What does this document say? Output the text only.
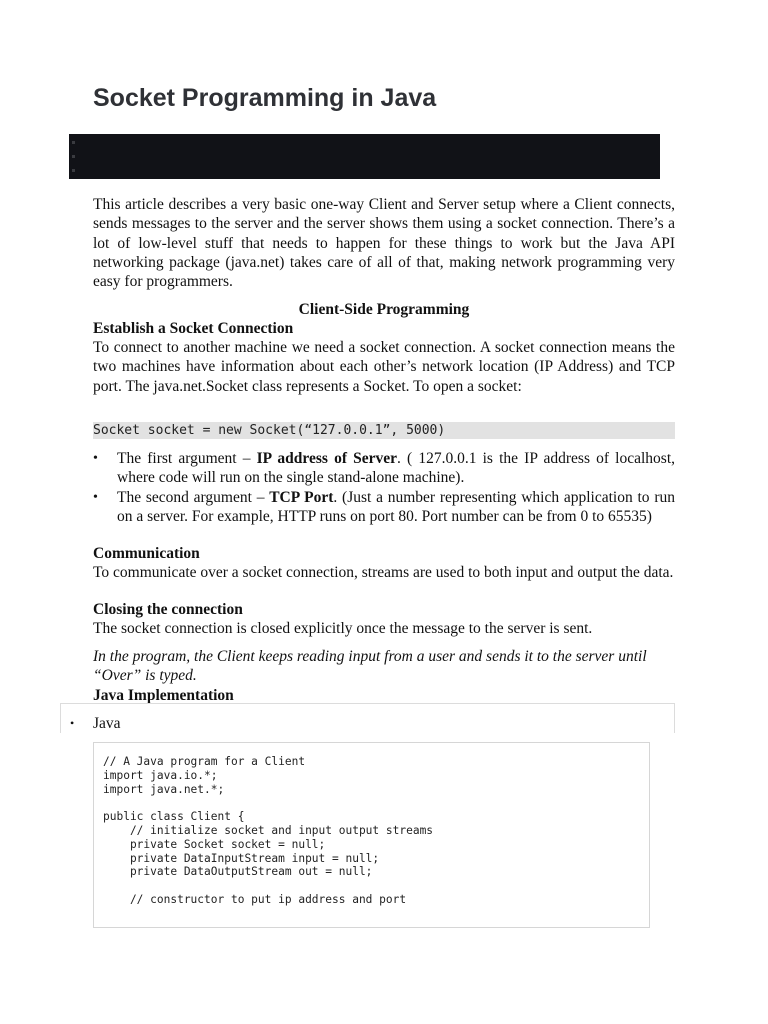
Socket Programming in Java

This article describes a very basic one-way Client and Server setup where a Client connects, sends messages to the server and the server shows them using a socket connection. There’s a lot of low-level stuff that needs to happen for these things to work but the Java API networking package (java.net) takes care of all of that, making network programming very easy for programmers.

Client-Side Programming

Establish a Socket Connection

To connect to another machine we need a socket connection. A socket connection means the two machines have information about each other’s network location (IP Address) and TCP port. The java.net.Socket class represents a Socket. To open a socket:

Socket socket = new Socket(“127.0.0.1”, 5000)
• The first argument – IP address of Server. ( 127.0.0.1 is the IP address of localhost, where code will run on the single stand-alone machine).
• The second argument – TCP Port. (Just a number representing which application to run on a server. For example, HTTP runs on port 80. Port number can be from 0 to 65535)

Communication

To communicate over a socket connection, streams are used to both input and output the data.

Closing the connection

The socket connection is closed explicitly once the message to the server is sent.

In the program, the Client keeps reading input from a user and sends it to the server until “Over” is typed.

Java Implementation

• Java
// A Java program for a Client
import java.io.*;
import java.net.*;

public class Client {
// initialize socket and input output streams
private Socket socket = null;
private DataInputStream input = null;
private DataOutputStream out = null;

// constructor to put ip address and port
